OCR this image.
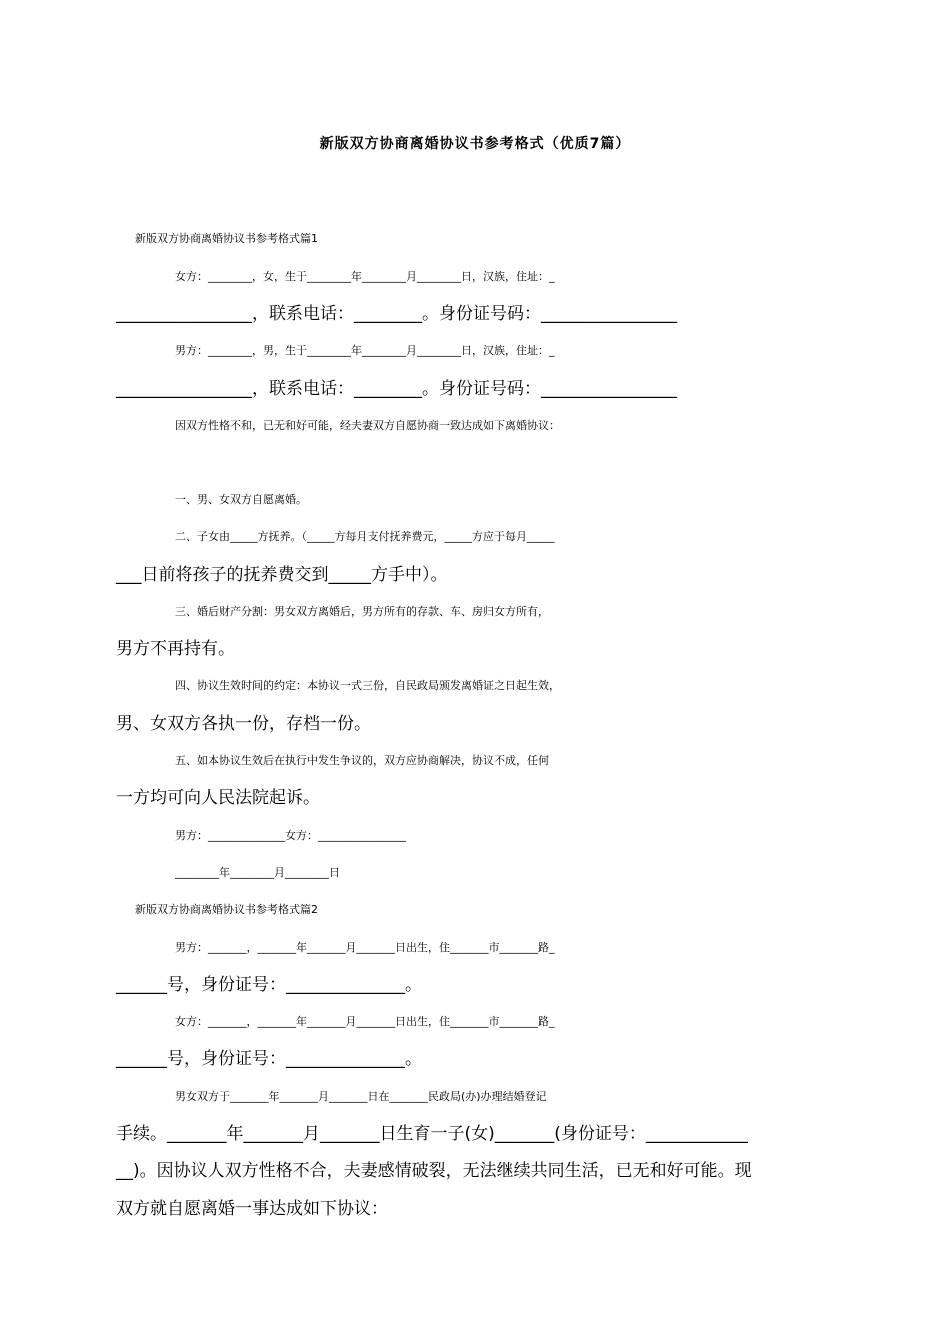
新版双方协商离婚协议书参考格式（优质7篇）
新版双方协商离婚协议书参考格式篇1
女方：________，女，生于________年________月________日，汉族，住址：_
________________，联系电话：________。身份证号码：________________
男方：________，男，生于________年________月________日，汉族，住址：_
________________，联系电话：________。身份证号码：________________
因双方性格不和，已无和好可能，经夫妻双方自愿协商一致达成如下离婚协议：
一、男、女双方自愿离婚。
二、子女由_____方抚养。（_____方每月支付抚养费元，_____方应于每月_____
___日前将孩子的抚养费交到_____方手中）。
三、婚后财产分割：男女双方离婚后，男方所有的存款、车、房归女方所有，
男方不再持有。
四、协议生效时间的约定：本协议一式三份，自民政局颁发离婚证之日起生效，
男、女双方各执一份，存档一份。
五、如本协议生效后在执行中发生争议的，双方应协商解决，协议不成，任何
一方均可向人民法院起诉。
男方：______________女方：________________
________年________月________日
新版双方协商离婚协议书参考格式篇2
男方：_______，_______年_______月_______日出生，住_______市_______路_
______号，身份证号：______________。
女方：_______，_______年_______月_______日出生，住_______市_______路_
______号，身份证号：______________。
男女双方于_______年_______月_______日在_______民政局(办)办理结婚登记
手续。_______年_______月_______日生育一子(女)_______(身份证号：____________
__)。因协议人双方性格不合，夫妻感情破裂，无法继续共同生活，已无和好可能。现
双方就自愿离婚一事达成如下协议：
